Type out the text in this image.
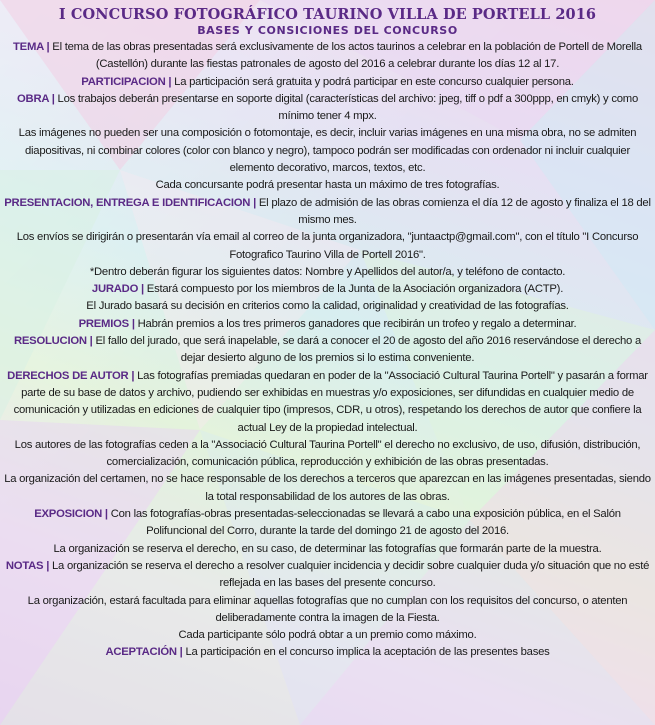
I CONCURSO FOTOGRÁFICO TAURINO VILLA DE PORTELL 2016
BASES Y CONSICIONES DEL CONCURSO

TEMA | El tema de las obras presentadas será exclusivamente de los actos taurinos a celebrar en la población de Portell de Morella (Castellón) durante las fiestas patronales de agosto del 2016 a celebrar durante los días 12 al 17.

PARTICIPACION | La participación será gratuita y podrá participar en este concurso cualquier persona.

OBRA | Los trabajos deberán presentarse en soporte digital (características del archivo: jpeg, tiff o pdf a 300ppp, en cmyk) y como mínimo tener 4 mpx.

Las imágenes no pueden ser una composición o fotomontaje, es decir, incluir varias imágenes en una misma obra, no se admiten diapositivas, ni combinar colores (color con blanco y negro), tampoco podrán ser modificadas con ordenador ni incluir cualquier elemento decorativo, marcos, textos, etc.

Cada concursante podrá presentar hasta un máximo de tres fotografías.

PRESENTACION, ENTREGA E IDENTIFICACION | El plazo de admisión de las obras comienza el día 12 de agosto y finaliza el 18 del mismo mes.

Los envíos se dirigirán o presentarán vía email al correo de la junta organizadora, "juntaactp@gmail.com", con el título "I Concurso Fotografico Taurino Villa de Portell 2016".

*Dentro deberán figurar los siguientes datos: Nombre y Apellidos del autor/a, y teléfono de contacto.

JURADO | Estará compuesto por los miembros de la Junta de la Asociación organizadora (ACTP).

El Jurado basará su decisión en criterios como la calidad, originalidad y creatividad de las fotografías.

PREMIOS | Habrán premios a los tres primeros ganadores que recibirán un trofeo y regalo a determinar.

RESOLUCION | El fallo del jurado, que será inapelable, se dará a conocer el 20 de agosto del año 2016 reservándose el derecho a dejar desierto alguno de los premios si lo estima conveniente.

DERECHOS DE AUTOR | Las fotografías premiadas quedaran en poder de la "Associació Cultural Taurina Portell" y pasarán a formar parte de su base de datos y archivo, pudiendo ser exhibidas en muestras y/o exposiciones, ser difundidas en cualquier medio de comunicación y utilizadas en ediciones de cualquier tipo (impresos, CDR, u otros), respetando los derechos de autor que confiere la actual Ley de la propiedad intelectual.

Los autores de las fotografías ceden a la "Associació Cultural Taurina Portell" el derecho no exclusivo, de uso, difusión, distribución, comercialización, comunicación pública, reproducción y exhibición de las obras presentadas.

La organización del certamen, no se hace responsable de los derechos a terceros que aparezcan en las imágenes presentadas, siendo la total responsabilidad de los autores de las obras.

EXPOSICION | Con las fotografías-obras presentadas-seleccionadas se llevará a cabo una exposición pública, en el Salón Polifuncional del Corro, durante la tarde del domingo 21 de agosto del 2016.

La organización se reserva el derecho, en su caso, de determinar las fotografías que formarán parte de la muestra.

NOTAS | La organización se reserva el derecho a resolver cualquier incidencia y decidir sobre cualquier duda y/o situación que no esté reflejada en las bases del presente concurso.

La organización, estará facultada para eliminar aquellas fotografías que no cumplan con los requisitos del concurso, o atenten deliberadamente contra la imagen de la Fiesta.

Cada participante sólo podrá obtar a un premio como máximo.

ACEPTACIÓN | La participación en el concurso implica la aceptación de las presentes bases
